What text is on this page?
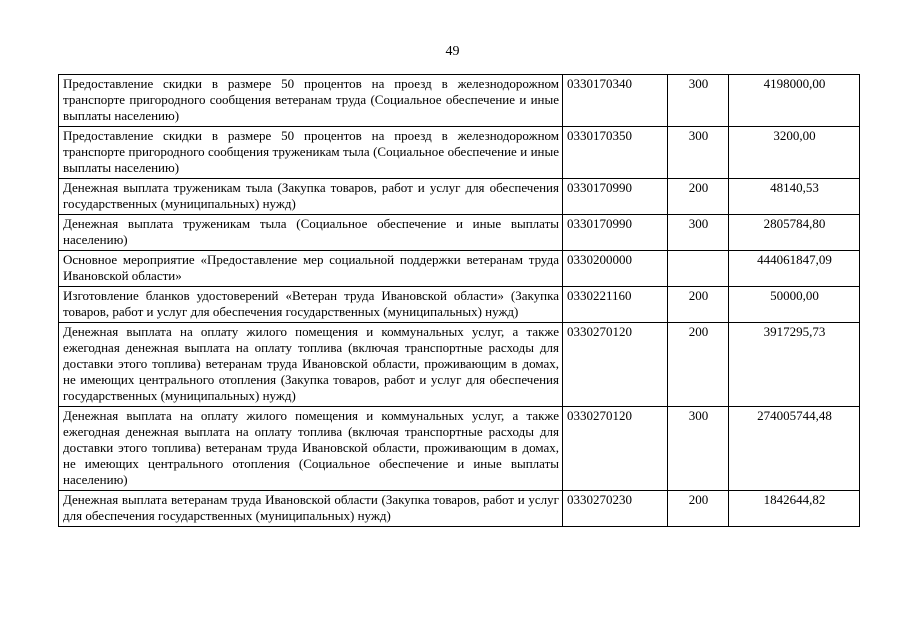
49
Предоставление скидки в размере 50 процентов на проезд в железнодорожном транспорте пригородного сообщения ветеранам труда (Социальное обеспечение и иные выплаты населению)	0330170340	300	4198000,00
Предоставление скидки в размере 50 процентов на проезд в железнодорожном транспорте пригородного сообщения труженикам тыла (Социальное обеспечение и иные выплаты населению)	0330170350	300	3200,00
Денежная выплата труженикам тыла (Закупка товаров, работ и услуг для обеспечения государственных (муниципальных) нужд)	0330170990	200	48140,53
Денежная выплата труженикам тыла (Социальное обеспечение и иные выплаты населению)	0330170990	300	2805784,80
Основное мероприятие «Предоставление мер социальной поддержки ветеранам труда Ивановской области»	0330200000		444061847,09
Изготовление бланков удостоверений «Ветеран труда Ивановской области» (Закупка товаров, работ и услуг для обеспечения государственных (муниципальных) нужд)	0330221160	200	50000,00
Денежная выплата на оплату жилого помещения и коммунальных услуг, а также ежегодная денежная выплата на оплату топлива (включая транспортные расходы для доставки этого топлива) ветеранам труда Ивановской области, проживающим в домах, не имеющих центрального отопления (Закупка товаров, работ и услуг для обеспечения государственных (муниципальных) нужд)	0330270120	200	3917295,73
Денежная выплата на оплату жилого помещения и коммунальных услуг, а также ежегодная денежная выплата на оплату топлива (включая транспортные расходы для доставки этого топлива) ветеранам труда Ивановской области, проживающим в домах, не имеющих центрального отопления (Социальное обеспечение и иные выплаты населению)	0330270120	300	274005744,48
Денежная выплата ветеранам труда Ивановской области (Закупка товаров, работ и услуг для обеспечения государственных (муниципальных) нужд)	0330270230	200	1842644,82
